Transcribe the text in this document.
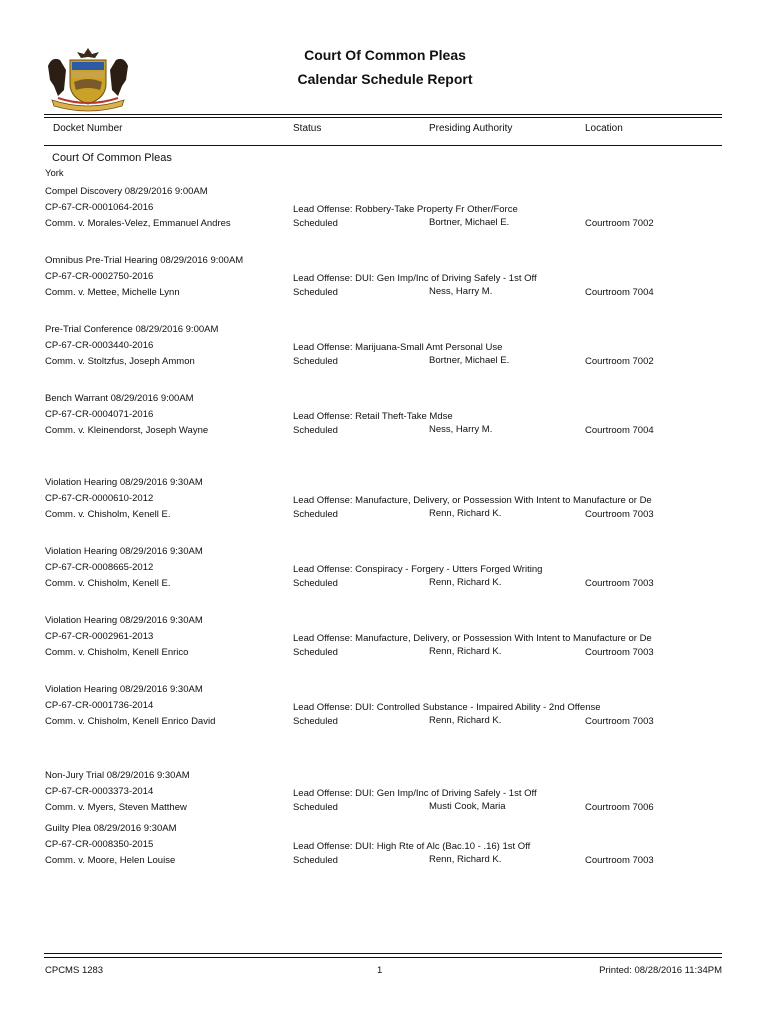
Court Of Common Pleas
Calendar Schedule Report
Docket Number	Status	Presiding Authority	Location
Court Of Common Pleas
York
Compel Discovery 08/29/2016 9:00AM
CP-67-CR-0001064-2016
Comm. v. Morales-Velez, Emmanuel Andres
Lead Offense: Robbery-Take Property Fr Other/Force
Scheduled	Bortner, Michael E.	Courtroom 7002
Omnibus Pre-Trial Hearing 08/29/2016 9:00AM
CP-67-CR-0002750-2016
Comm. v. Mettee, Michelle Lynn
Lead Offense: DUI: Gen Imp/Inc of Driving Safely - 1st Off
Scheduled	Ness, Harry M.	Courtroom 7004
Pre-Trial Conference 08/29/2016 9:00AM
CP-67-CR-0003440-2016
Comm. v. Stoltzfus, Joseph Ammon
Lead Offense: Marijuana-Small Amt Personal Use
Scheduled	Bortner, Michael E.	Courtroom 7002
Bench Warrant 08/29/2016 9:00AM
CP-67-CR-0004071-2016
Comm. v. Kleinendorst, Joseph Wayne
Lead Offense: Retail Theft-Take Mdse
Scheduled	Ness, Harry M.	Courtroom 7004
Violation Hearing 08/29/2016 9:30AM
CP-67-CR-0000610-2012
Comm. v. Chisholm, Kenell E.
Lead Offense: Manufacture, Delivery, or Possession With Intent to Manufacture or De
Scheduled	Renn, Richard K.	Courtroom 7003
Violation Hearing 08/29/2016 9:30AM
CP-67-CR-0008665-2012
Comm. v. Chisholm, Kenell E.
Lead Offense: Conspiracy - Forgery - Utters Forged Writing
Scheduled	Renn, Richard K.	Courtroom 7003
Violation Hearing 08/29/2016 9:30AM
CP-67-CR-0002961-2013
Comm. v. Chisholm, Kenell Enrico
Lead Offense: Manufacture, Delivery, or Possession With Intent to Manufacture or De
Scheduled	Renn, Richard K.	Courtroom 7003
Violation Hearing 08/29/2016 9:30AM
CP-67-CR-0001736-2014
Comm. v. Chisholm, Kenell Enrico David
Lead Offense: DUI: Controlled Substance - Impaired Ability - 2nd Offense
Scheduled	Renn, Richard K.	Courtroom 7003
Non-Jury Trial 08/29/2016 9:30AM
CP-67-CR-0003373-2014
Comm. v. Myers, Steven Matthew
Lead Offense: DUI: Gen Imp/Inc of Driving Safely - 1st Off
Scheduled	Musti Cook, Maria	Courtroom 7006
Guilty Plea 08/29/2016 9:30AM
CP-67-CR-0008350-2015
Comm. v. Moore, Helen Louise
Lead Offense: DUI: High Rte of Alc (Bac.10 - .16) 1st Off
Scheduled	Renn, Richard K.	Courtroom 7003
CPCMS 1283	1	Printed: 08/28/2016 11:34PM
